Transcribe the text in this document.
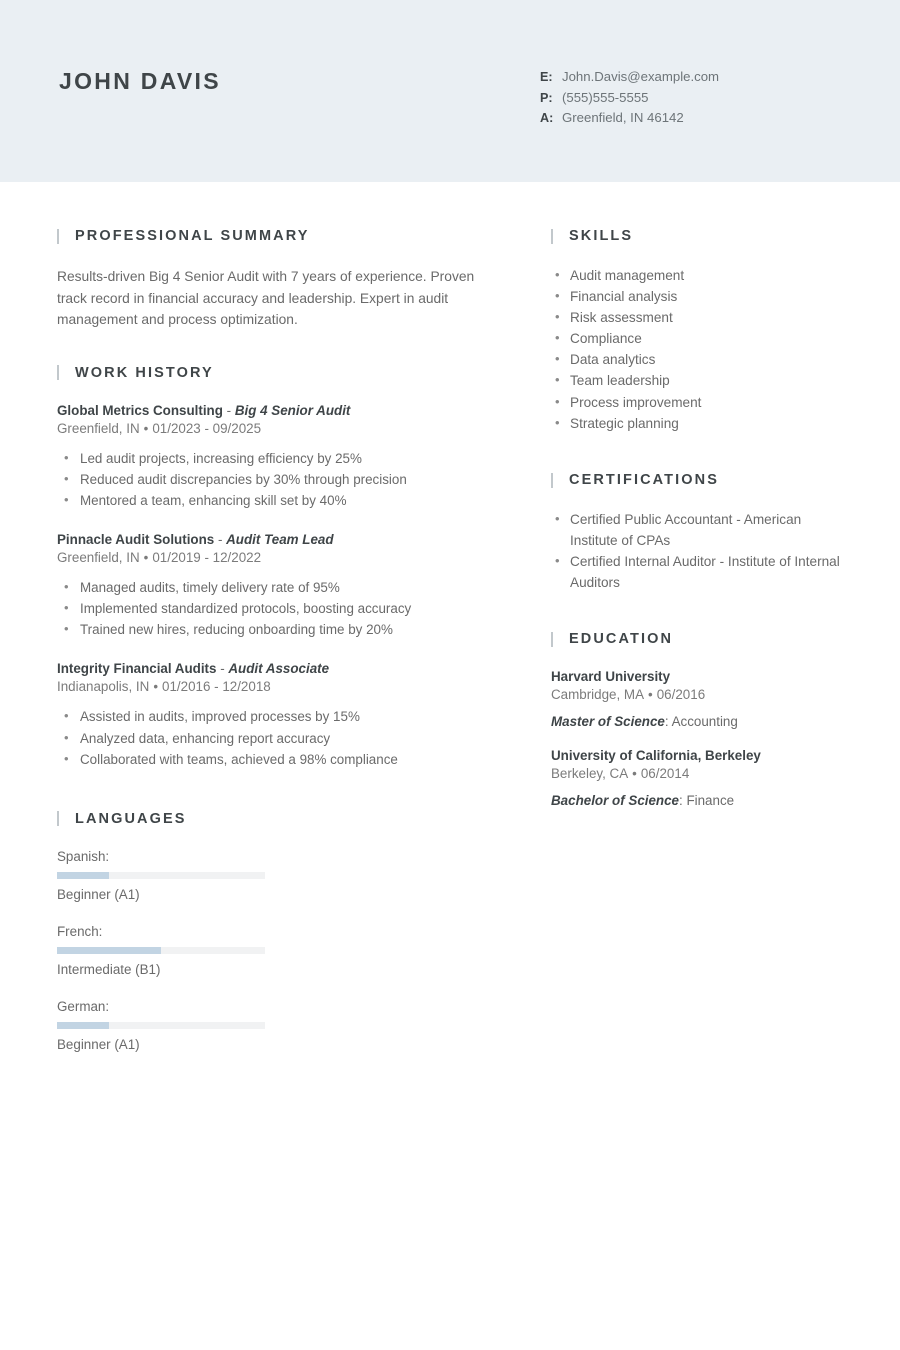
JOHN DAVIS	E: John.Davis@example.com
P: (555)555-5555
A: Greenfield, IN 46142
PROFESSIONAL SUMMARY
Results-driven Big 4 Senior Audit with 7 years of experience. Proven track record in financial accuracy and leadership. Expert in audit management and process optimization.
WORK HISTORY
Global Metrics Consulting - Big 4 Senior Audit
Greenfield, IN • 01/2023 - 09/2025
• Led audit projects, increasing efficiency by 25%
• Reduced audit discrepancies by 30% through precision
• Mentored a team, enhancing skill set by 40%
Pinnacle Audit Solutions - Audit Team Lead
Greenfield, IN • 01/2019 - 12/2022
• Managed audits, timely delivery rate of 95%
• Implemented standardized protocols, boosting accuracy
• Trained new hires, reducing onboarding time by 20%
Integrity Financial Audits - Audit Associate
Indianapolis, IN • 01/2016 - 12/2018
• Assisted in audits, improved processes by 15%
• Analyzed data, enhancing report accuracy
• Collaborated with teams, achieved a 98% compliance
LANGUAGES
Spanish:
Beginner (A1)
French:
Intermediate (B1)
German:
Beginner (A1)
SKILLS
• Audit management
• Financial analysis
• Risk assessment
• Compliance
• Data analytics
• Team leadership
• Process improvement
• Strategic planning
CERTIFICATIONS
• Certified Public Accountant - American Institute of CPAs
• Certified Internal Auditor - Institute of Internal Auditors
EDUCATION
Harvard University
Cambridge, MA • 06/2016
Master of Science: Accounting
University of California, Berkeley
Berkeley, CA • 06/2014
Bachelor of Science: Finance
